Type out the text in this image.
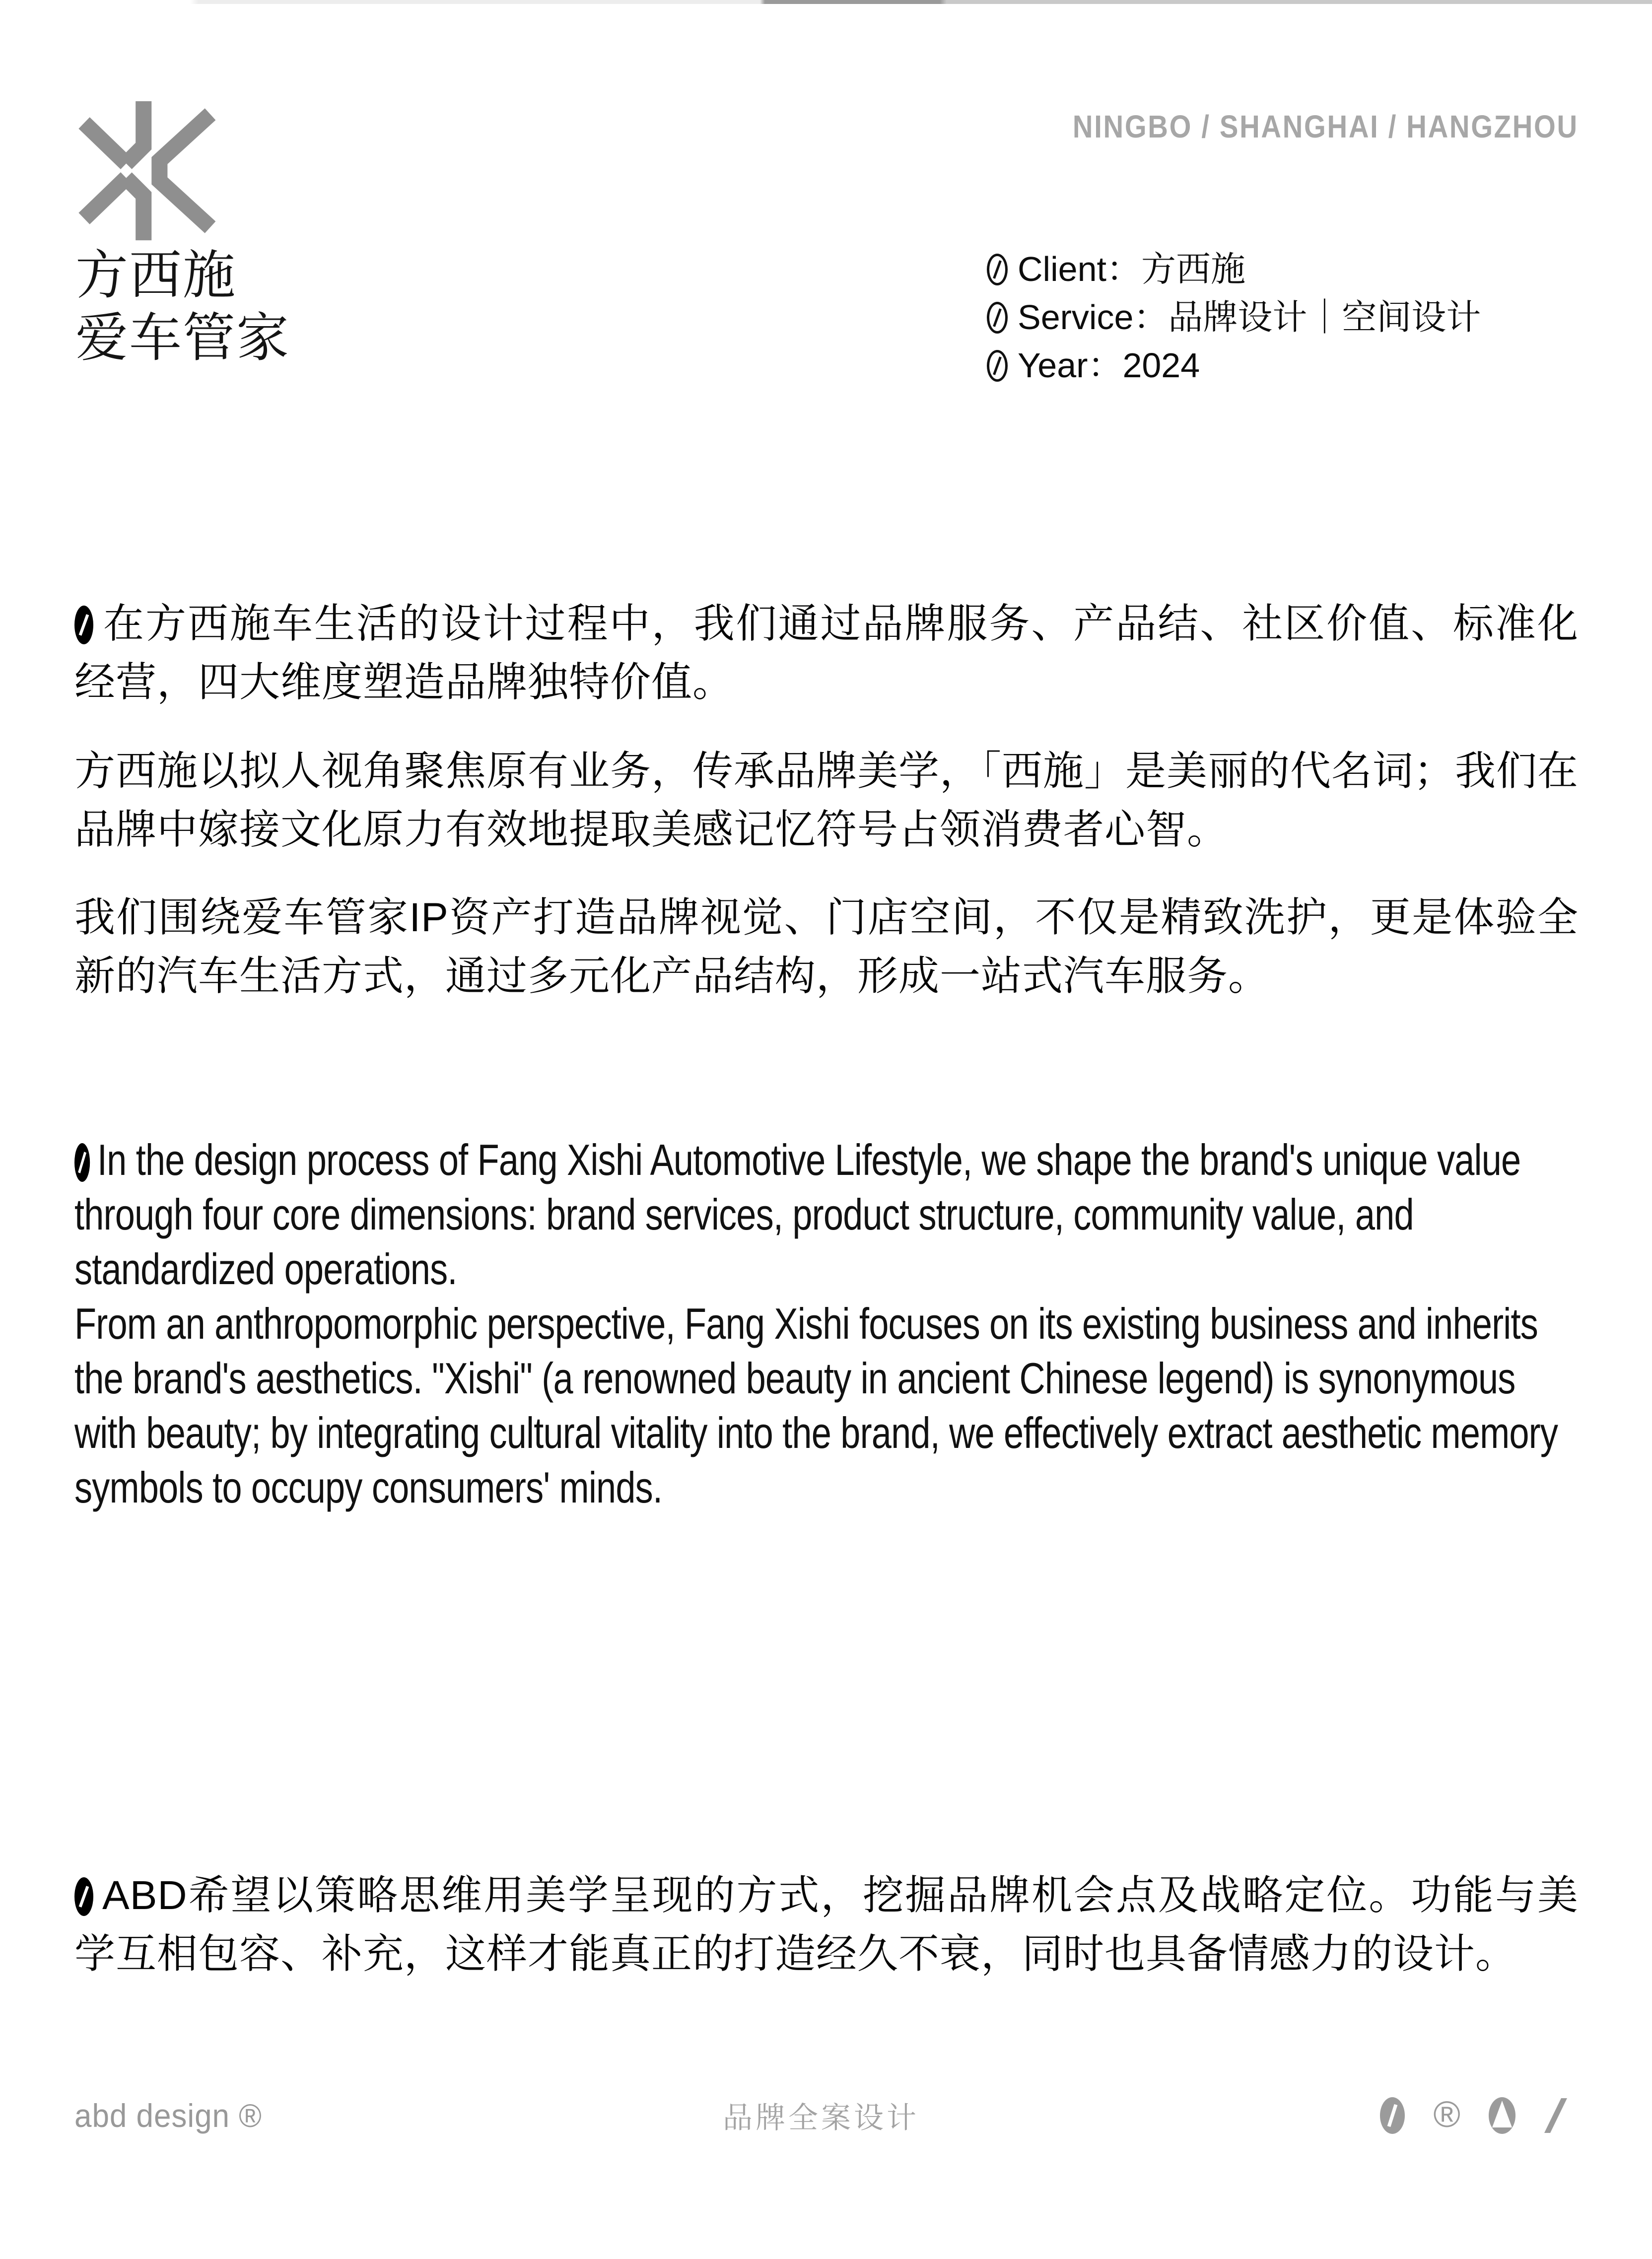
NINGBO / SHANGHAI / HANGZHOU
方西施
爱车管家
Client： 方西施
Service： 品牌设计｜空间设计
Year： 2024

在方西施车生活的设计过程中，我们通过品牌服务、产品结、社区价值、标准化经营，四大维度塑造品牌独特价值。

方西施以拟人视角聚焦原有业务，传承品牌美学，「西施」是美丽的代名词；我们在品牌中嫁接文化原力有效地提取美感记忆符号占领消费者心智。

我们围绕爱车管家IP资产打造品牌视觉、门店空间，不仅是精致洗护，更是体验全新的汽车生活方式，通过多元化产品结构，形成一站式汽车服务。

In the design process of Fang Xishi Automotive Lifestyle, we shape the brand's unique value through four core dimensions: brand services, product structure, community value, and standardized operations.

From an anthropomorphic perspective, Fang Xishi focuses on its existing business and inherits the brand's aesthetics. "Xishi" (a renowned beauty in ancient Chinese legend) is synonymous with beauty; by integrating cultural vitality into the brand, we effectively extract aesthetic memory symbols to occupy consumers' minds.

ABD希望以策略思维用美学呈现的方式，挖掘品牌机会点及战略定位。功能与美学互相包容、补充，这样才能真正的打造经久不衰，同时也具备情感力的设计。

abd design ®	品牌全案设计	®
